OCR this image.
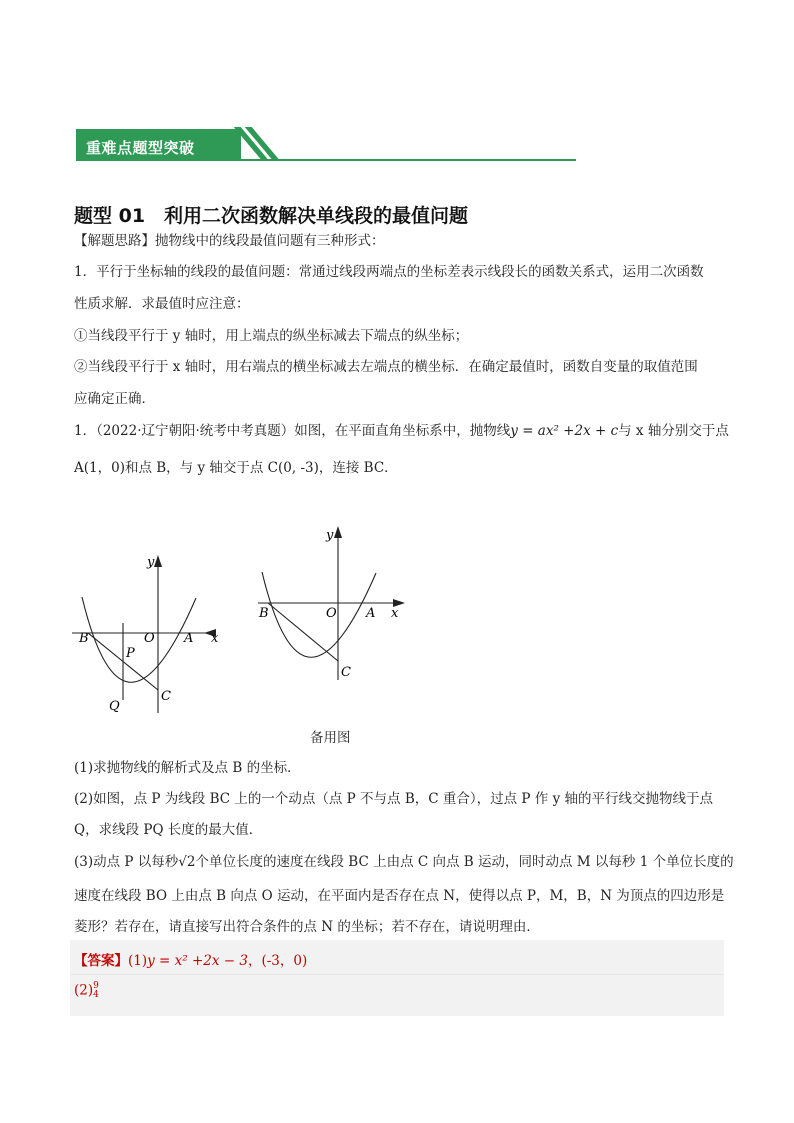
重难点题型突破
题型 01　利用二次函数解决单线段的最值问题
【解题思路】抛物线中的线段最值问题有三种形式：
1．平行于坐标轴的线段的最值问题：常通过线段两端点的坐标差表示线段长的函数关系式，运用二次函数
性质求解．求最值时应注意：
①当线段平行于 y 轴时，用上端点的纵坐标减去下端点的纵坐标；
②当线段平行于 x 轴时，用右端点的横坐标减去左端点的横坐标．在确定最值时，函数自变量的取值范围
应确定正确．
1．（2022·辽宁朝阳·统考中考真题）如图，在平面直角坐标系中，抛物线y = ax² +2x + c与 x 轴分别交于点
A(1，0)和点 B，与 y 轴交于点 C(0, -3)，连接 BC．
y
x
B	O A
P
C
Q
y
x
B	O A
C
备用图
(1)求抛物线的解析式及点 B 的坐标．
(2)如图，点 P 为线段 BC 上的一个动点（点 P 不与点 B，C 重合），过点 P 作 y 轴的平行线交抛物线于点
Q，求线段 PQ 长度的最大值．
(3)动点 P 以每秒√2个单位长度的速度在线段 BC 上由点 C 向点 B 运动，同时动点 M 以每秒 1 个单位长度的
速度在线段 BO 上由点 B 向点 O 运动，在平面内是否存在点 N，使得以点 P，M，B，N 为顶点的四边形是
菱形？若存在，请直接写出符合条件的点 N 的坐标；若不存在，请说明理由．
【答案】(1)y = x² +2x − 3，(-3，0)
(2) 9
4
